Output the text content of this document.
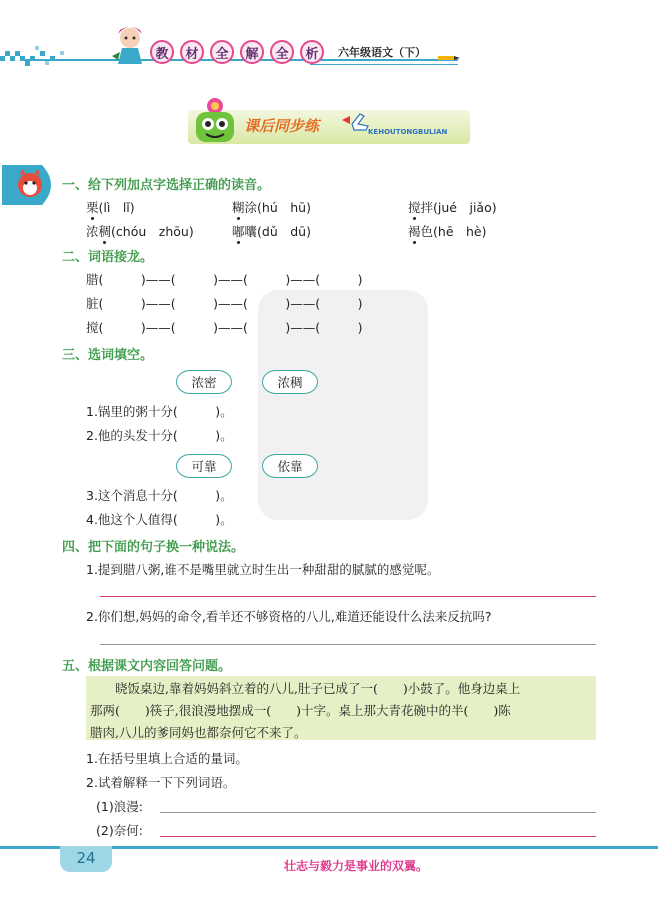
教	材	全	解	全	析	六年级语文（下）
课后同步练	KEHOUTONGBULIAN
一、给下列加点字选择正确的读音。
栗(lì　lǐ)	糊涂(hú　hū)	搅拌(jué　jiǎo)
浓稠(chóu　zhōu)	嘟囔(dǔ　dū)	褐色(hē　hè)
二、词语接龙。
腊(　　　)——(　　　)——(　　　)——(　　　)
脏(　　　)——(　　　)——(　　　)——(　　　)
搅(　　　)——(　　　)——(　　　)——(　　　)
三、选词填空。
浓密	浓稠
1.锅里的粥十分(　　　)。
2.他的头发十分(　　　)。
可靠	依靠
3.这个消息十分(　　　)。
4.他这个人值得(　　　)。
四、把下面的句子换一种说法。
1.提到腊八粥,谁不是嘴里就立时生出一种甜甜的腻腻的感觉呢。
2.你们想,妈妈的命令,看羊还不够资格的八儿,难道还能设什么法来反抗吗?
五、根据课文内容回答问题。
　　晓饭桌边,靠着妈妈斜立着的八儿,肚子已成了一(　　)小鼓了。他身边桌上
那两(　　)筷子,很浪漫地摆成一(　　)十字。桌上那大青花碗中的半(　　)陈
腊肉,八儿的爹同妈也都奈何它不来了。
1.在括号里填上合适的量词。
2.试着解释一下下列词语。
(1)浪漫:
(2)奈何:
24	壮志与毅力是事业的双翼。
